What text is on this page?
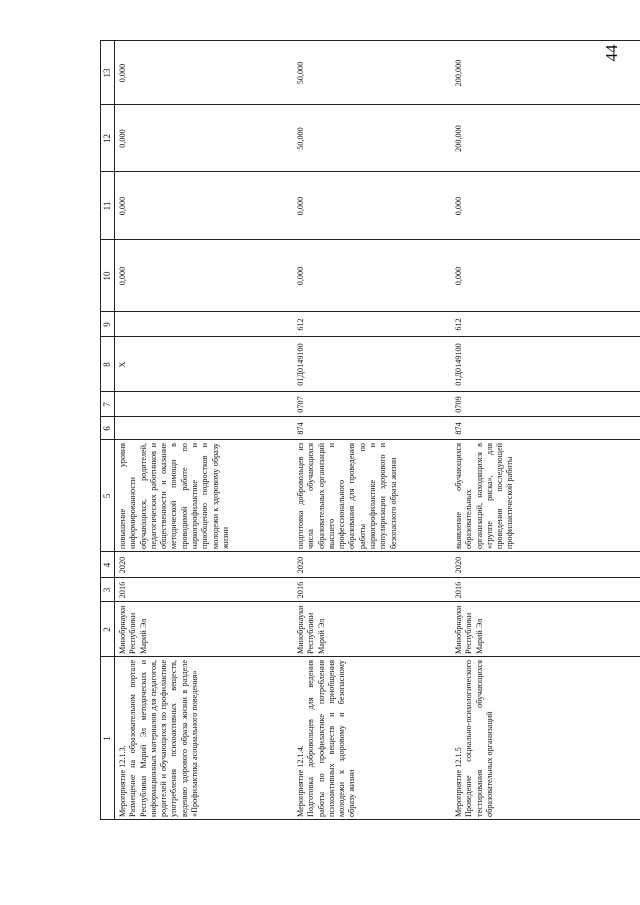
44
1
2
3
4
5
6
7
8
9
10
11
12
13
Мероприятие 12.1.3.
Размещение на образовательном портале Республики Марий Эл методических и информационных материалов для педагогов, родителей и обучающихся по профилактике употребления психоактивных веществ, ведению здорового образа жизни в разделе «Профилактика асоциального поведения»
Минобрнауки
Республики
Марий Эл
2016
2020
повышение уровня информированности обучающихся, родителей, педагогических работников и общественности и оказание методической помощи в проводимой работе по наркопрофилактике и приобщению подростков и молодежи к здоровому образу жизни
X
0,000
0,000
0,000
0,000
Мероприятие 12.1.4.
Подготовка добровольцев для ведения работы по профилактике потребления психоактивных веществ и приобщения молодежи к здоровому и безопасному образу жизни
Минобрнауки
Республики
Марий Эл
2016
2020
подготовка добровольцев из числа обучающихся образовательных организаций высшего и профессионального образования для проведения работы по наркопрофилактике и популяризации здорового и безопасного образа жизни
874
0707
01Д0149100
612
0,000
0,000
50,000
50,000
Мероприятие 12.1.5
Проведение социально-психологического тестирования обучающихся образовательных организаций
Минобрнауки
Республики
Марий Эл
2016
2020
выявление обучающихся образовательных организаций, находящихся в «группе риска», для проведения последующей профилактической работы
874
0709
01Д0149100
612
0,000
0,000
200,000
200,000
